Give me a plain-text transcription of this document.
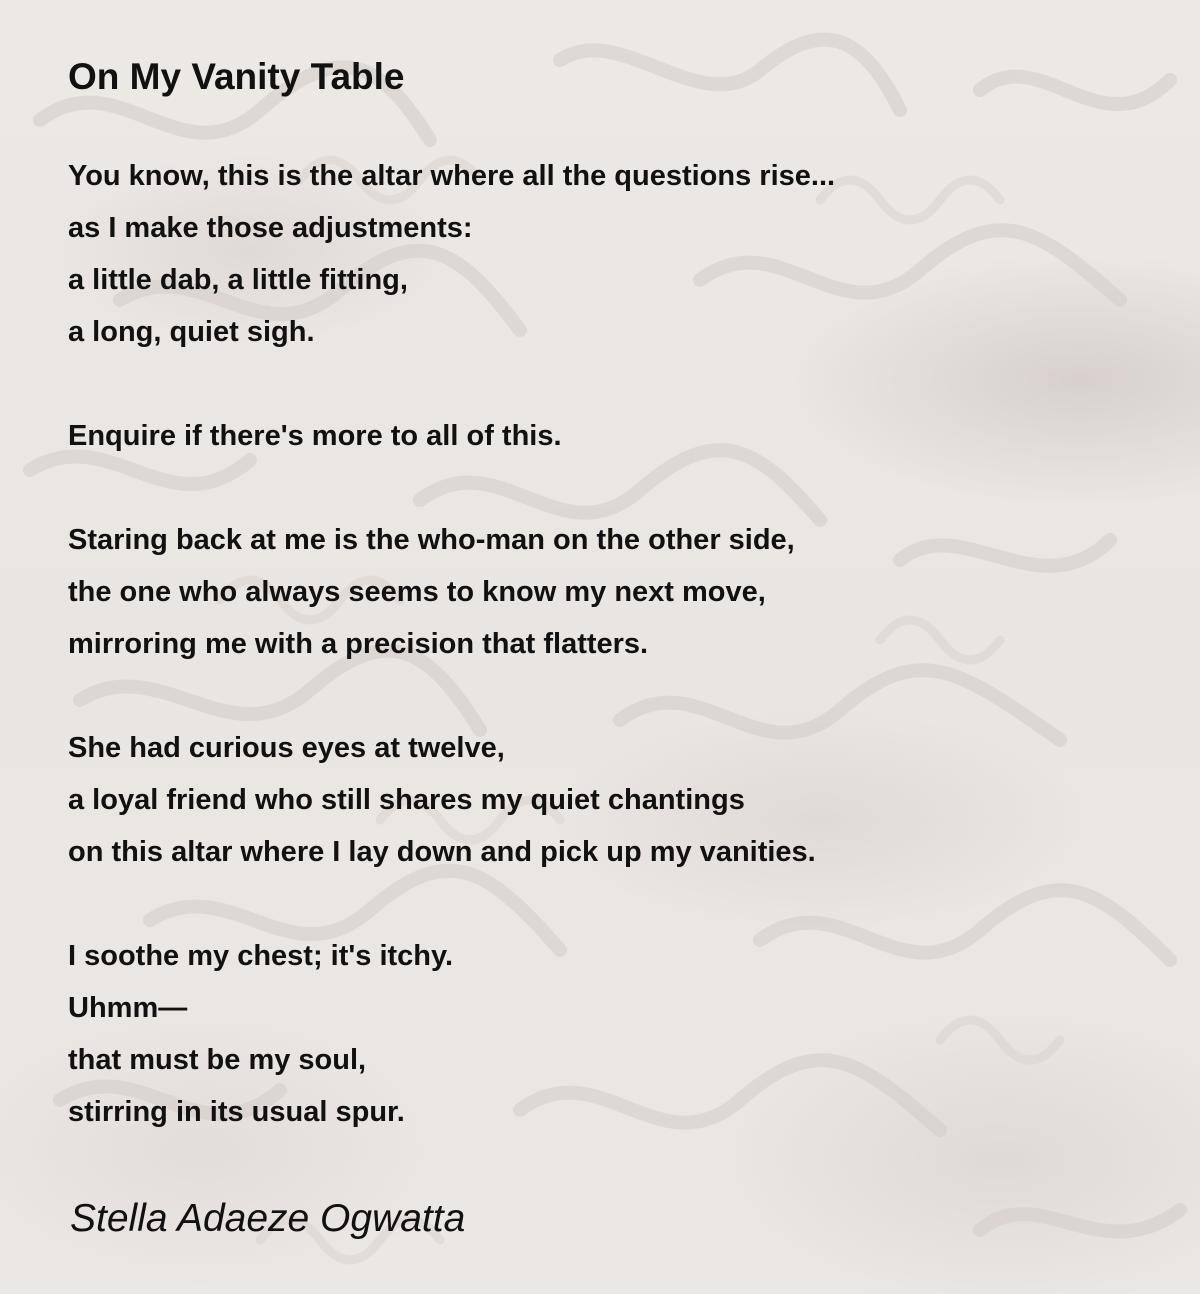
On My Vanity Table
You know, this is the altar where all the questions rise...
as I make those adjustments:
a little dab, a little fitting,
a long, quiet sigh.
Enquire if there's more to all of this.
Staring back at me is the who-man on the other side,
the one who always seems to know my next move,
mirroring me with a precision that flatters.
She had curious eyes at twelve,
a loyal friend who still shares my quiet chantings
on this altar where I lay down and pick up my vanities.
I soothe my chest; it's itchy.
Uhmm—
that must be my soul,
stirring in its usual spur.
Stella Adaeze Ogwatta
